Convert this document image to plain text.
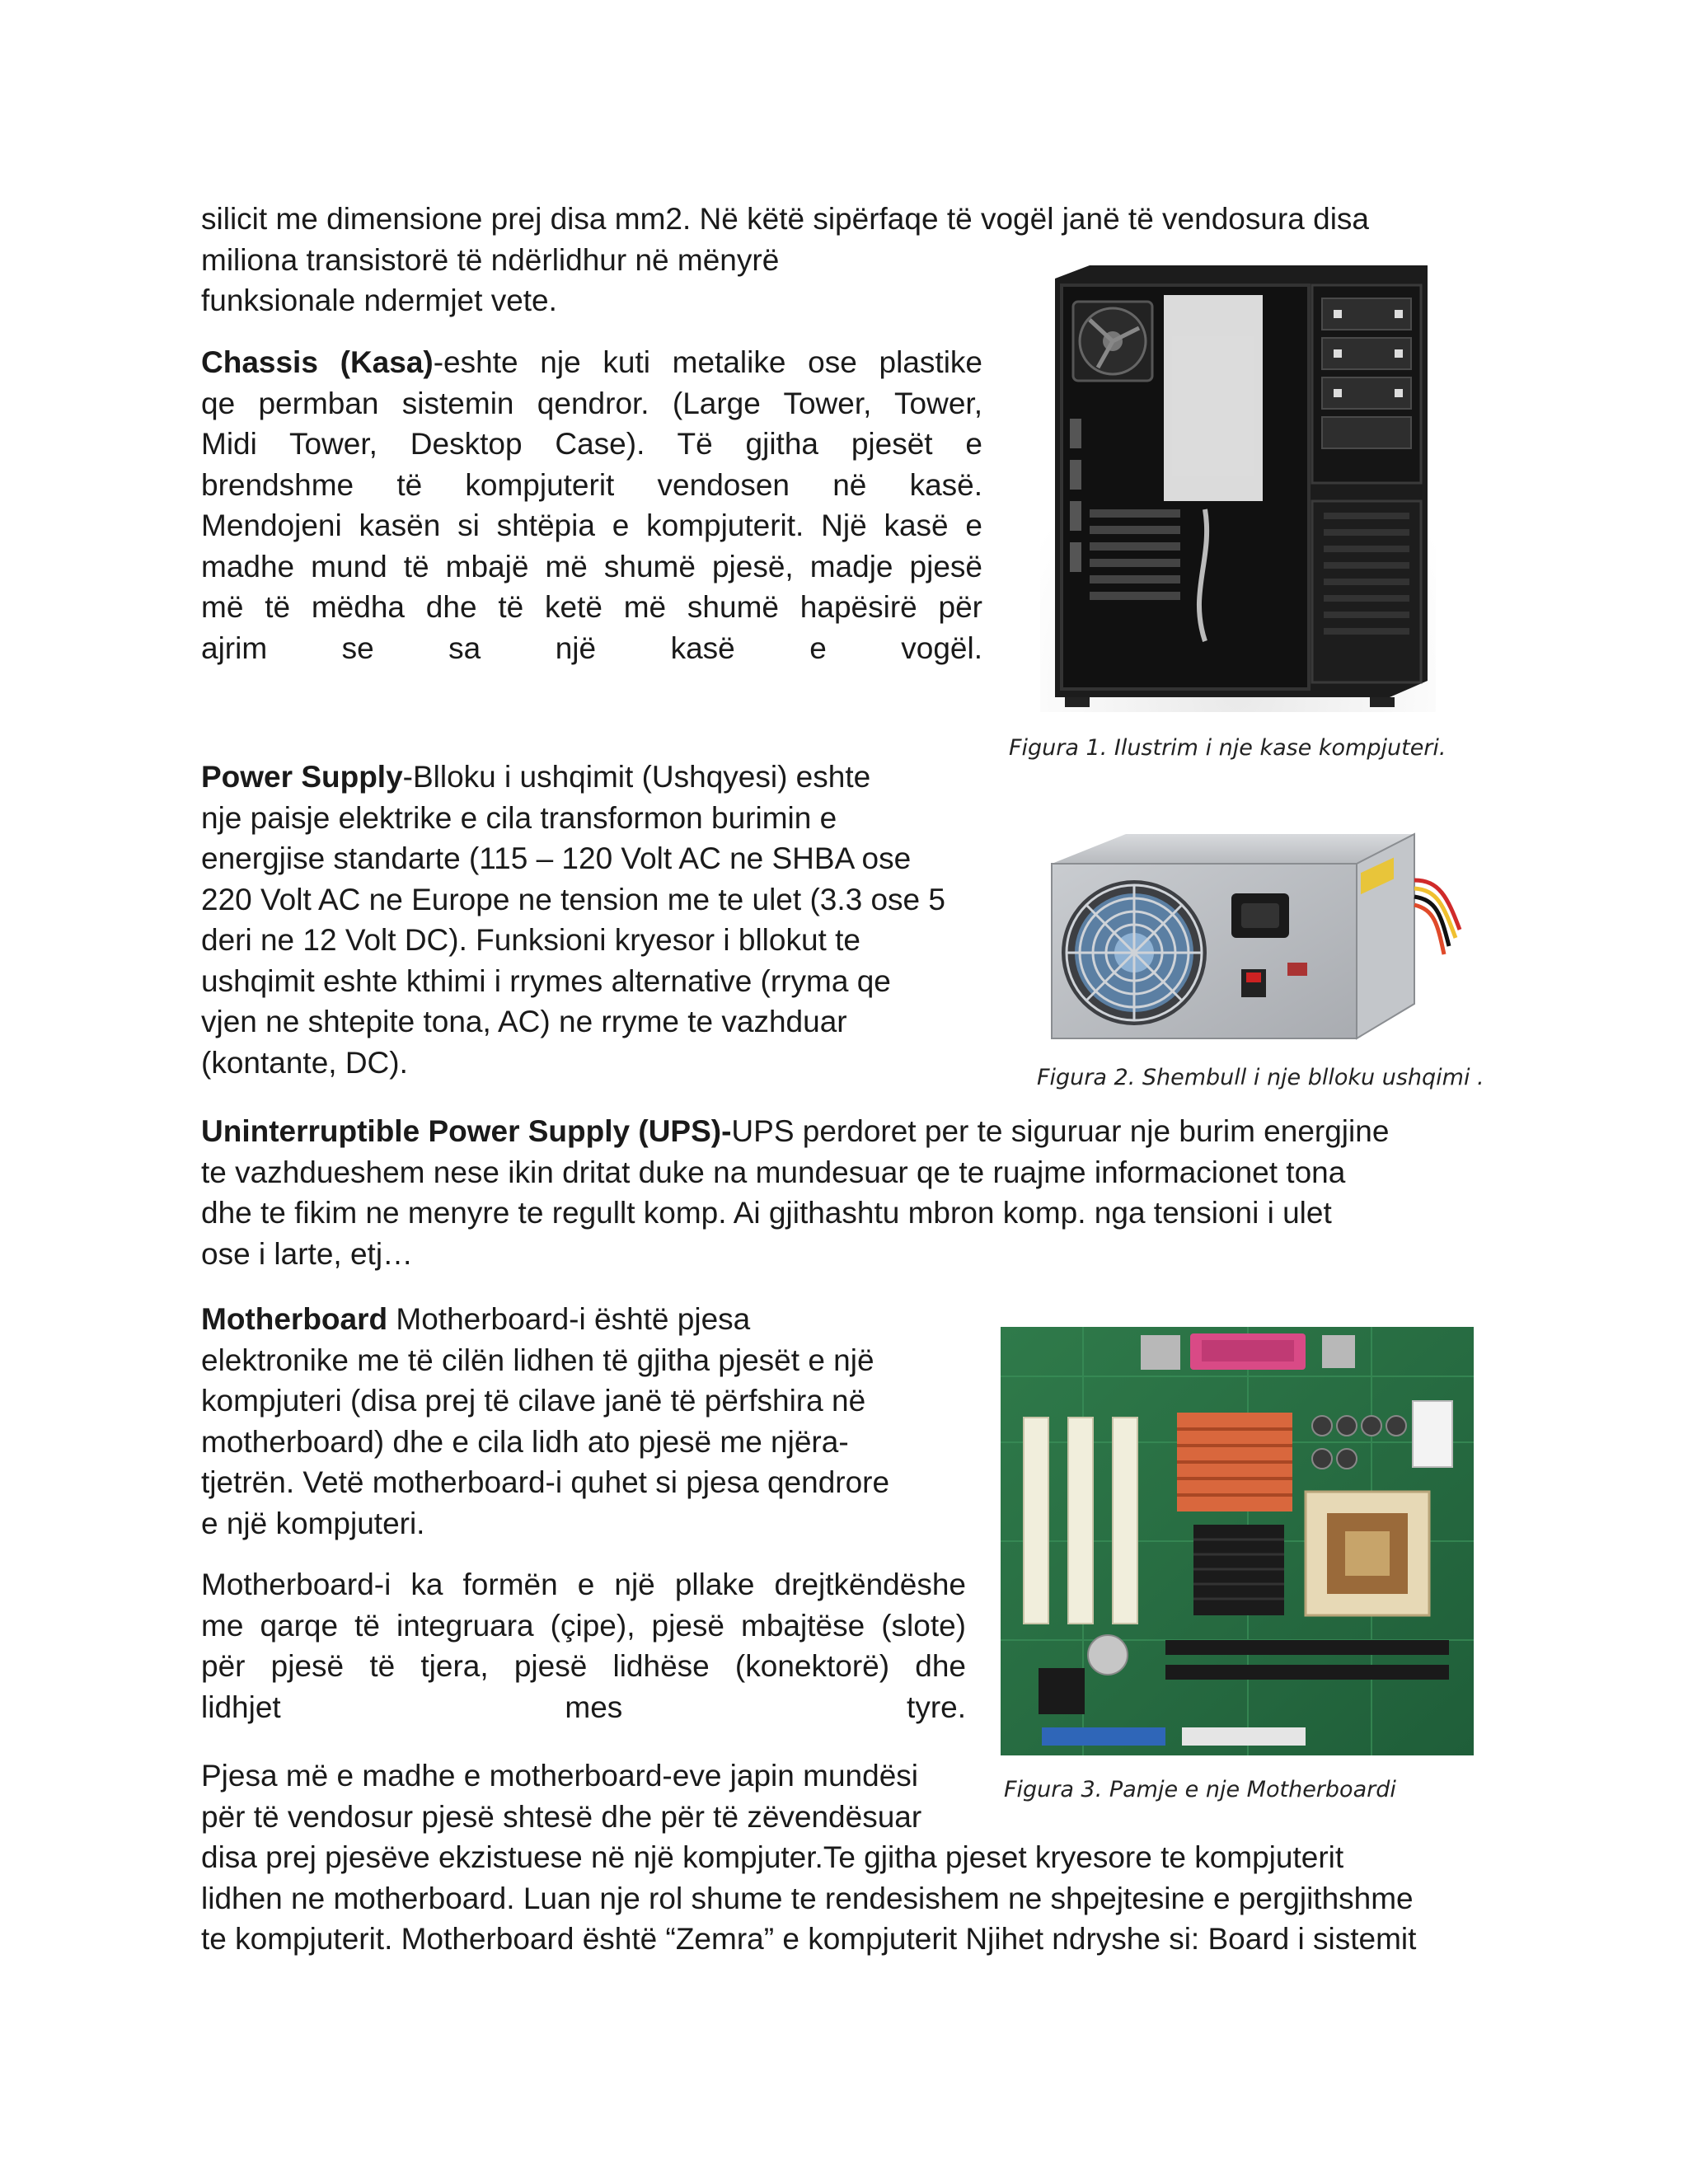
silicit me dimensione prej disa mm2. Në këtë sipërfaqe të vogël janë të vendosura disa
miliona transistorë të ndërlidhur në mënyrë
funksionale ndermjet vete.
Chassis (Kasa)-eshte nje kuti metalike ose plastike
qe permban sistemin qendror. (Large Tower, Tower,
Midi Tower, Desktop Case). Të gjitha pjesët e
brendshme të kompjuterit vendosen në kasë.
Mendojeni kasën si shtëpia e kompjuterit. Një kasë e
madhe mund të mbajë më shumë pjesë, madje pjesë
më të mëdha dhe të ketë më shumë hapësirë për
ajrim se sa një kasë e vogël.

Figura 1. Ilustrim i nje kase kompjuteri.

Power Supply-Blloku i ushqimit (Ushqyesi) eshte
nje paisje elektrike e cila transformon burimin e
energjise standarte (115 – 120 Volt AC ne SHBA ose
220 Volt AC ne Europe ne tension me te ulet (3.3 ose 5
deri ne 12 Volt DC). Funksioni kryesor i bllokut te
ushqimit eshte kthimi i rrymes alternative (rryma qe
vjen ne shtepite tona, AC) ne rryme te vazhduar
(kontante, DC).	Figura 2. Shembull i nje blloku ushqimi .

Uninterruptible Power Supply (UPS)-UPS perdoret per te siguruar nje burim energjine
te vazhdueshem nese ikin dritat duke na mundesuar qe te ruajme informacionet tona
dhe te fikim ne menyre te regullt komp. Ai gjithashtu mbron komp. nga tensioni i ulet
ose i larte, etj…
Motherboard Motherboard-i është pjesa
elektronike me të cilën lidhen të gjitha pjesët e një
kompjuteri (disa prej të cilave janë të përfshira në
motherboard) dhe e cila lidh ato pjesë me njëra-
tjetrën. Vetë motherboard-i quhet si pjesa qendrore
e një kompjuteri.
Motherboard-i ka formën e një pllake drejtkëndëshe
me qarqe të integruara (çipe), pjesë mbajtëse (slote)
për pjesë të tjera, pjesë lidhëse (konektorë) dhe
lidhjet mes tyre.

Figura 3. Pamje e nje Motherboardi

Pjesa më e madhe e motherboard-eve japin mundësi
për të vendosur pjesë shtesë dhe për të zëvendësuar
disa prej pjesëve ekzistuese në një kompjuter.Te gjitha pjeset kryesore te kompjuterit
lidhen ne motherboard. Luan nje rol shume te rendesishem ne shpejtesine e pergjithshme
te kompjuterit. Motherboard është “Zemra” e kompjuterit Njihet ndryshe si: Board i sistemit
